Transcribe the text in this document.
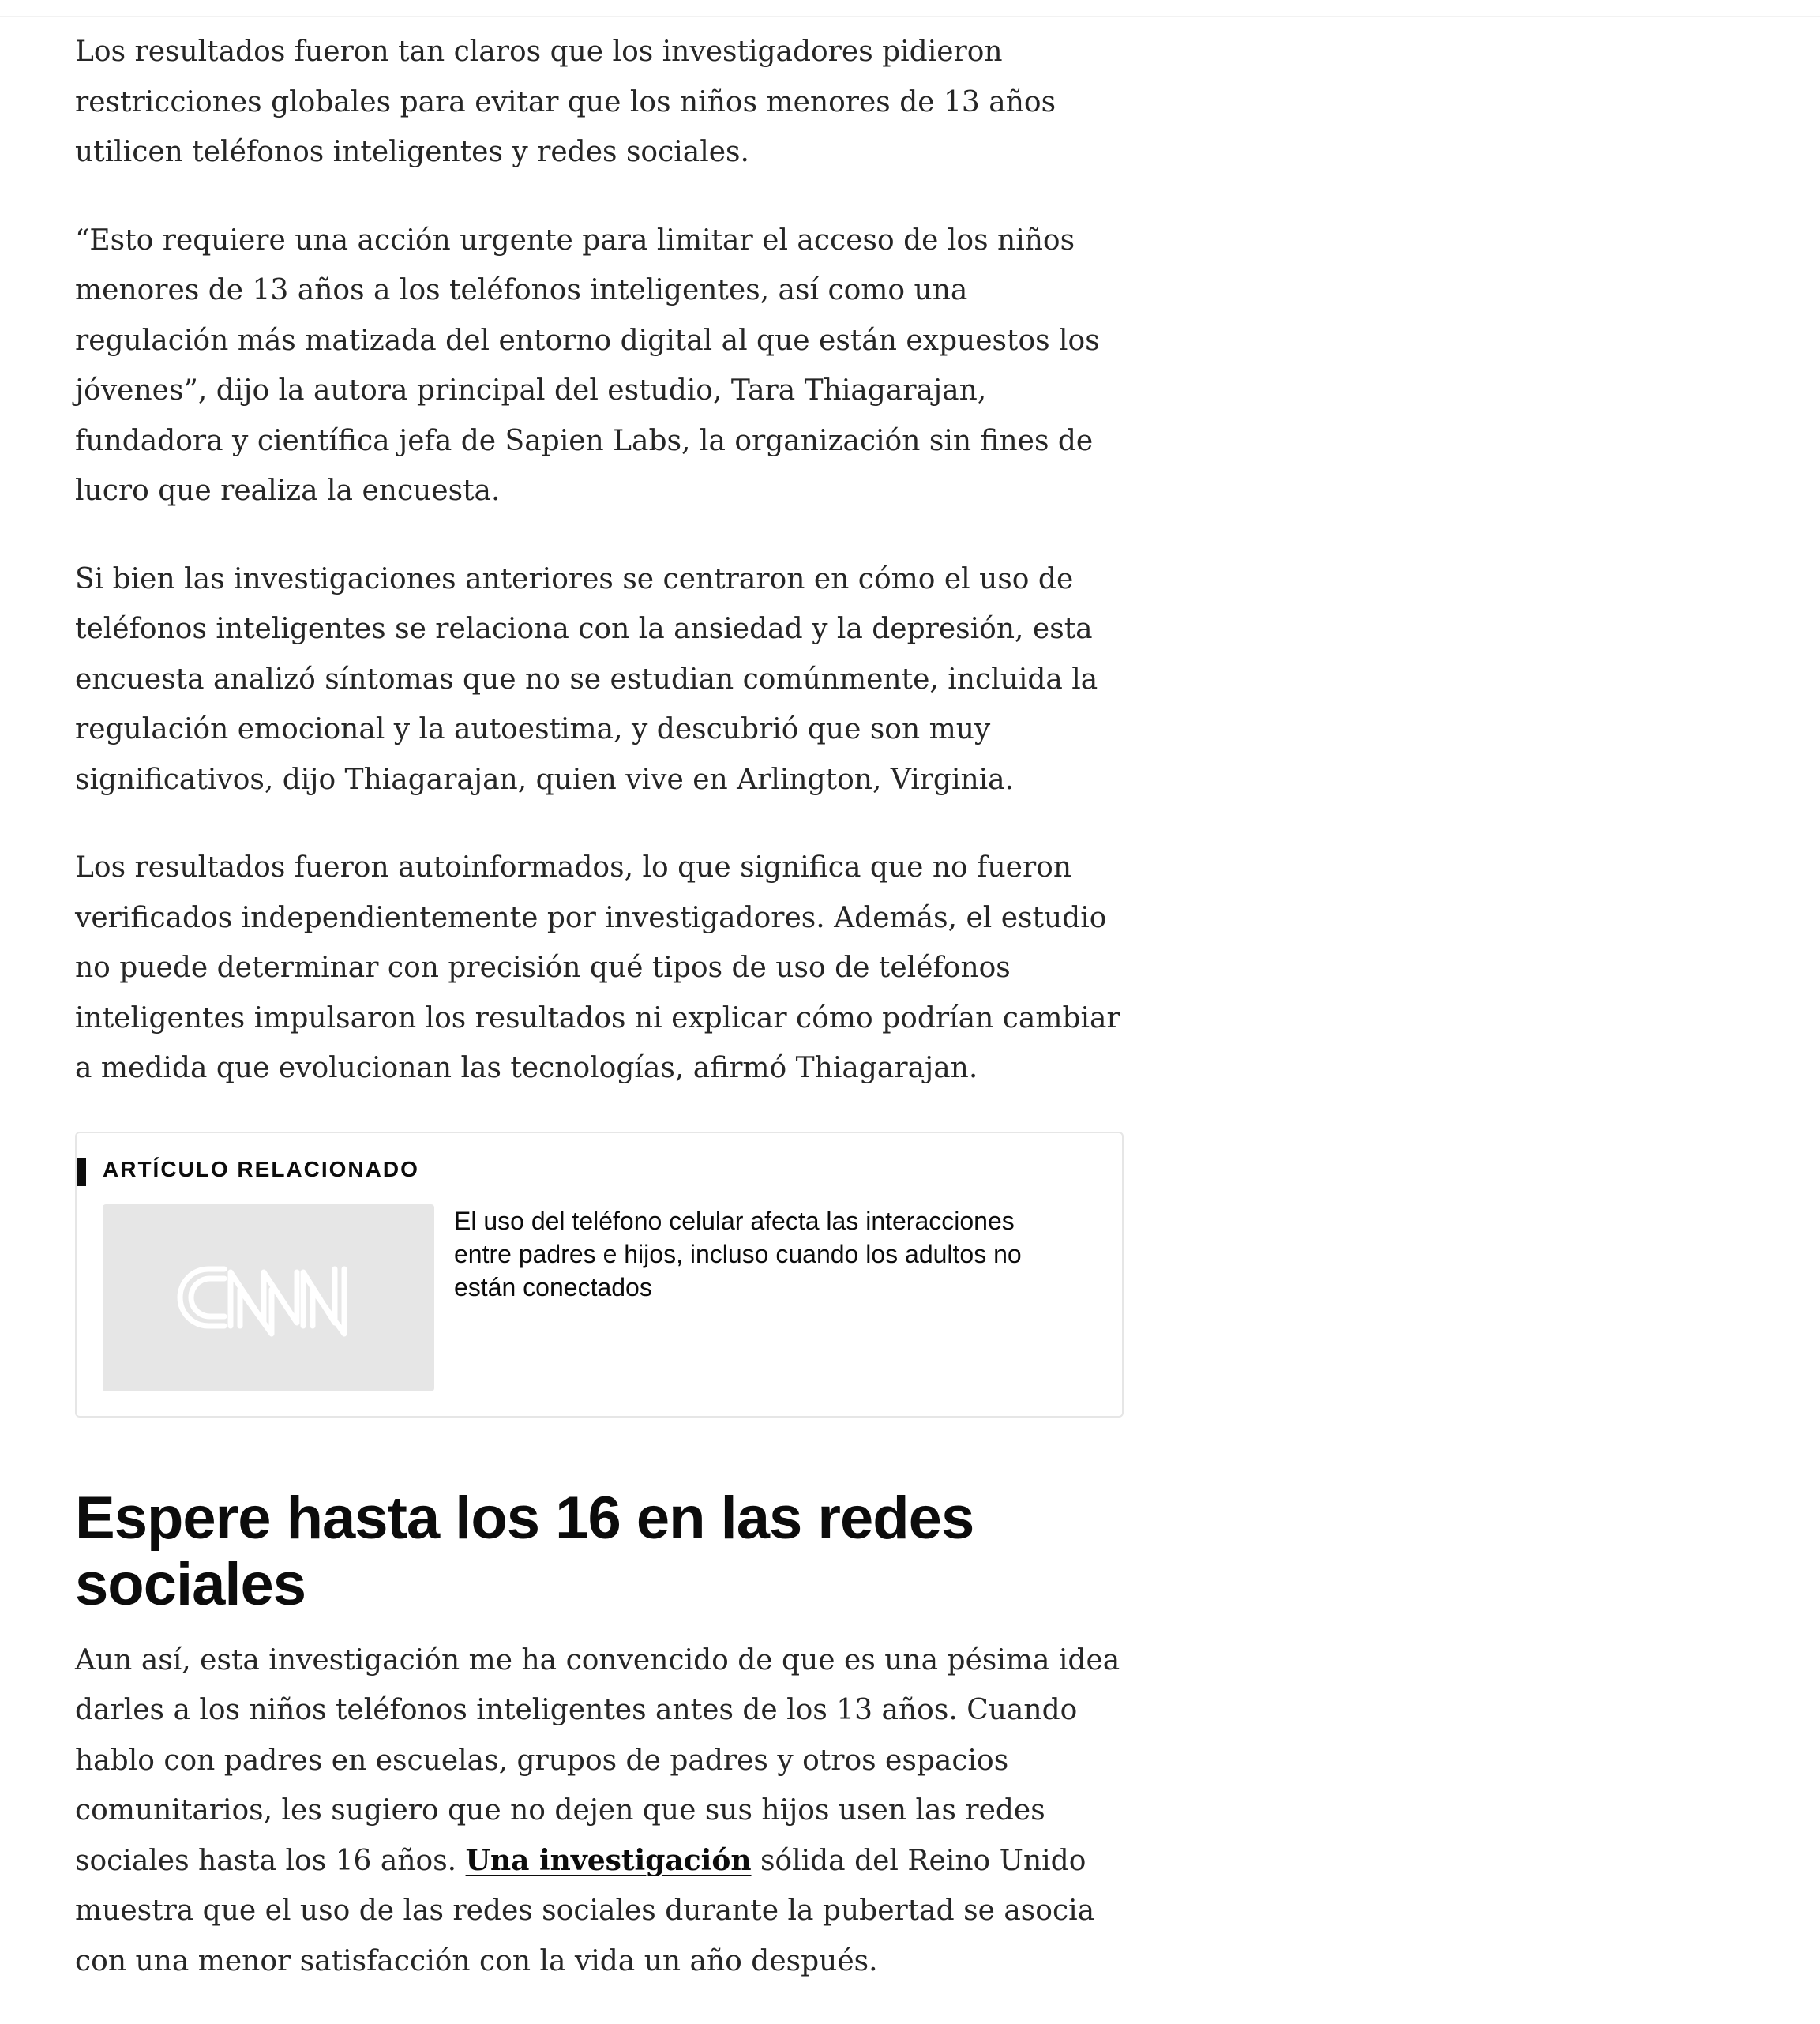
Los resultados fueron tan claros que los investigadores pidieron restricciones globales para evitar que los niños menores de 13 años utilicen teléfonos inteligentes y redes sociales.

“Esto requiere una acción urgente para limitar el acceso de los niños menores de 13 años a los teléfonos inteligentes, así como una regulación más matizada del entorno digital al que están expuestos los jóvenes”, dijo la autora principal del estudio, Tara Thiagarajan, fundadora y científica jefa de Sapien Labs, la organización sin fines de lucro que realiza la encuesta.

Si bien las investigaciones anteriores se centraron en cómo el uso de teléfonos inteligentes se relaciona con la ansiedad y la depresión, esta encuesta analizó síntomas que no se estudian comúnmente, incluida la regulación emocional y la autoestima, y descubrió que son muy significativos, dijo Thiagarajan, quien vive en Arlington, Virginia.

Los resultados fueron autoinformados, lo que significa que no fueron verificados independientemente por investigadores. Además, el estudio no puede determinar con precisión qué tipos de uso de teléfonos inteligentes impulsaron los resultados ni explicar cómo podrían cambiar a medida que evolucionan las tecnologías, afirmó Thiagarajan.

ARTÍCULO RELACIONADO
CNN
El uso del teléfono celular afecta las interacciones entre padres e hijos, incluso cuando los adultos no están conectados
Espere hasta los 16 en las redes sociales

Aun así, esta investigación me ha convencido de que es una pésima idea darles a los niños teléfonos inteligentes antes de los 13 años. Cuando hablo con padres en escuelas, grupos de padres y otros espacios comunitarios, les sugiero que no dejen que sus hijos usen las redes sociales hasta los 16 años. Una investigación sólida del Reino Unido muestra que el uso de las redes sociales durante la pubertad se asocia con una menor satisfacción con la vida un año después.
